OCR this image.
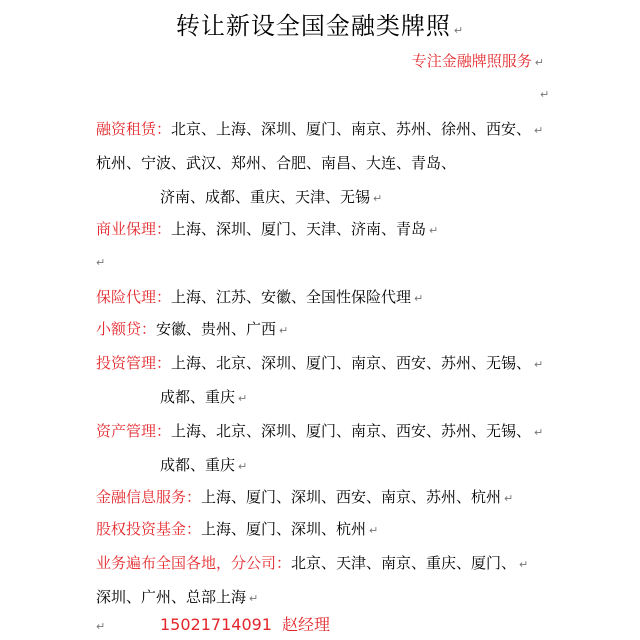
转让新设全国金融类牌照 ↵
专注金融牌照服务 ↵
↵
融资租赁：北京、上海、深圳、厦门、南京、苏州、徐州、西安、 ↵
杭州、宁波、武汉、郑州、合肥、南昌、大连、青岛、
济南、成都、重庆、天津、无锡 ↵
商业保理：上海、深圳、厦门、天津、济南、青岛 ↵
↵
保险代理：上海、江苏、安徽、全国性保险代理 ↵
小额贷：安徽、贵州、广西 ↵
投资管理：上海、北京、深圳、厦门、南京、西安、苏州、无锡、 ↵
成都、重庆 ↵
资产管理：上海、北京、深圳、厦门、南京、西安、苏州、无锡、 ↵
成都、重庆 ↵
金融信息服务：上海、厦门、深圳、西安、南京、苏州、杭州 ↵
股权投资基金：上海、厦门、深圳、杭州 ↵
业务遍布全国各地，分公司：北京、天津、南京、重庆、厦门、 ↵
深圳、广州、总部上海 ↵
↵	15021714091 赵经理
